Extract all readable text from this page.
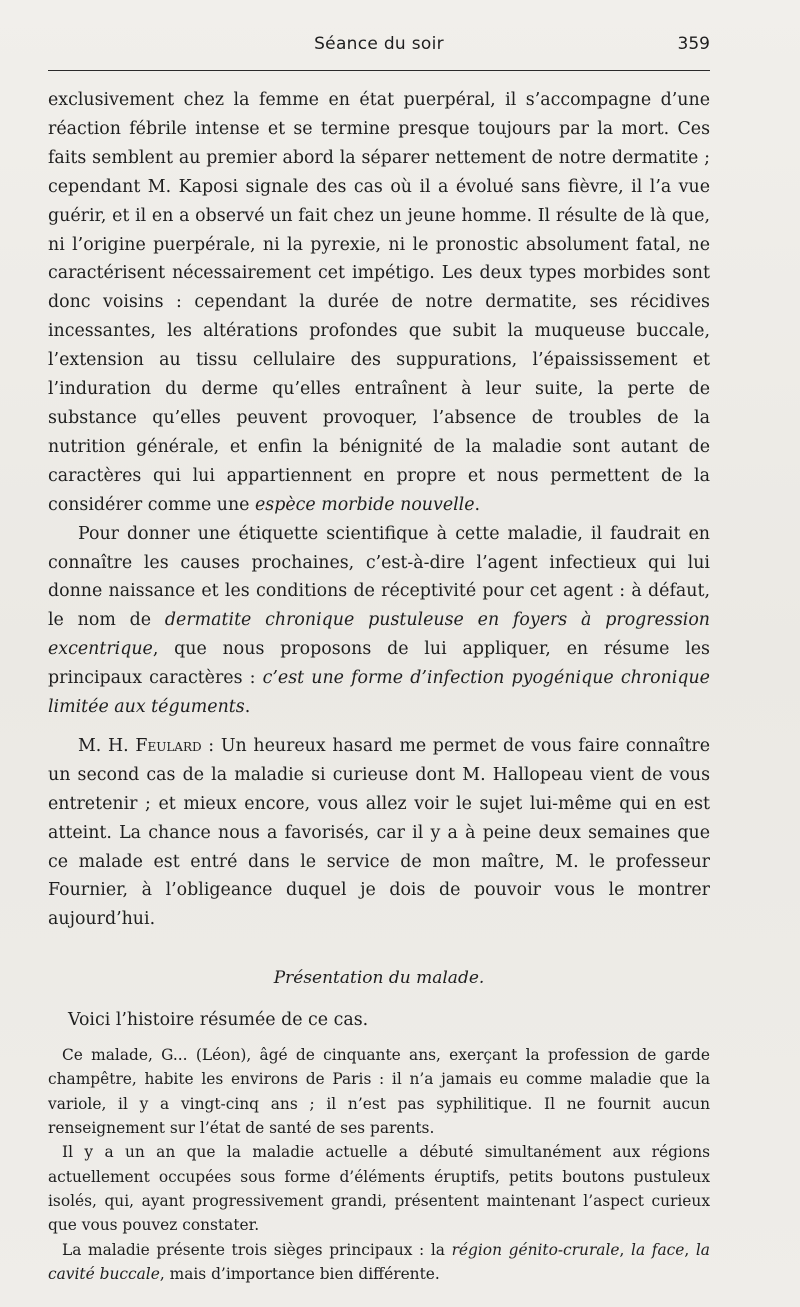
Séance du soir	359

exclusivement chez la femme en état puerpéral, il s’accompagne d’une réaction fébrile intense et se termine presque toujours par la mort. Ces faits semblent au premier abord la séparer nettement de notre dermatite ; cependant M. Kaposi signale des cas où il a évolué sans fièvre, il l’a vue guérir, et il en a observé un fait chez un jeune homme. Il résulte de là que, ni l’origine puerpérale, ni la pyrexie, ni le pronostic absolument fatal, ne caractérisent nécessairement cet impétigo. Les deux types morbides sont donc voisins : cependant la durée de notre dermatite, ses récidives incessantes, les altérations profondes que subit la muqueuse buccale, l’extension au tissu cellulaire des suppurations, l’épaississement et l’induration du derme qu’elles entraînent à leur suite, la perte de substance qu’elles peuvent provoquer, l’absence de troubles de la nutrition générale, et enfin la bénignité de la maladie sont autant de caractères qui lui appartiennent en propre et nous permettent de la considérer comme une espèce morbide nouvelle.

Pour donner une étiquette scientifique à cette maladie, il faudrait en connaître les causes prochaines, c’est-à-dire l’agent infectieux qui lui donne naissance et les conditions de réceptivité pour cet agent : à défaut, le nom de dermatite chronique pustuleuse en foyers à progression excentrique, que nous proposons de lui appliquer, en résume les principaux caractères : c’est une forme d’infection pyogénique chronique limitée aux téguments.

M. H. Feulard : Un heureux hasard me permet de vous faire connaître un second cas de la maladie si curieuse dont M. Hallopeau vient de vous entretenir ; et mieux encore, vous allez voir le sujet lui-même qui en est atteint. La chance nous a favorisés, car il y a à peine deux semaines que ce malade est entré dans le service de mon maître, M. le professeur Fournier, à l’obligeance duquel je dois de pouvoir vous le montrer aujourd’hui.

Présentation du malade.

Voici l’histoire résumée de ce cas.

Ce malade, G... (Léon), âgé de cinquante ans, exerçant la profession de garde champêtre, habite les environs de Paris : il n’a jamais eu comme maladie que la variole, il y a vingt-cinq ans ; il n’est pas syphilitique. Il ne fournit aucun renseignement sur l’état de santé de ses parents.

Il y a un an que la maladie actuelle a débuté simultanément aux régions actuellement occupées sous forme d’éléments éruptifs, petits boutons pustuleux isolés, qui, ayant progressivement grandi, présentent maintenant l’aspect curieux que vous pouvez constater.

La maladie présente trois sièges principaux : la région génito-crurale, la face, la cavité buccale, mais d’importance bien différente.
